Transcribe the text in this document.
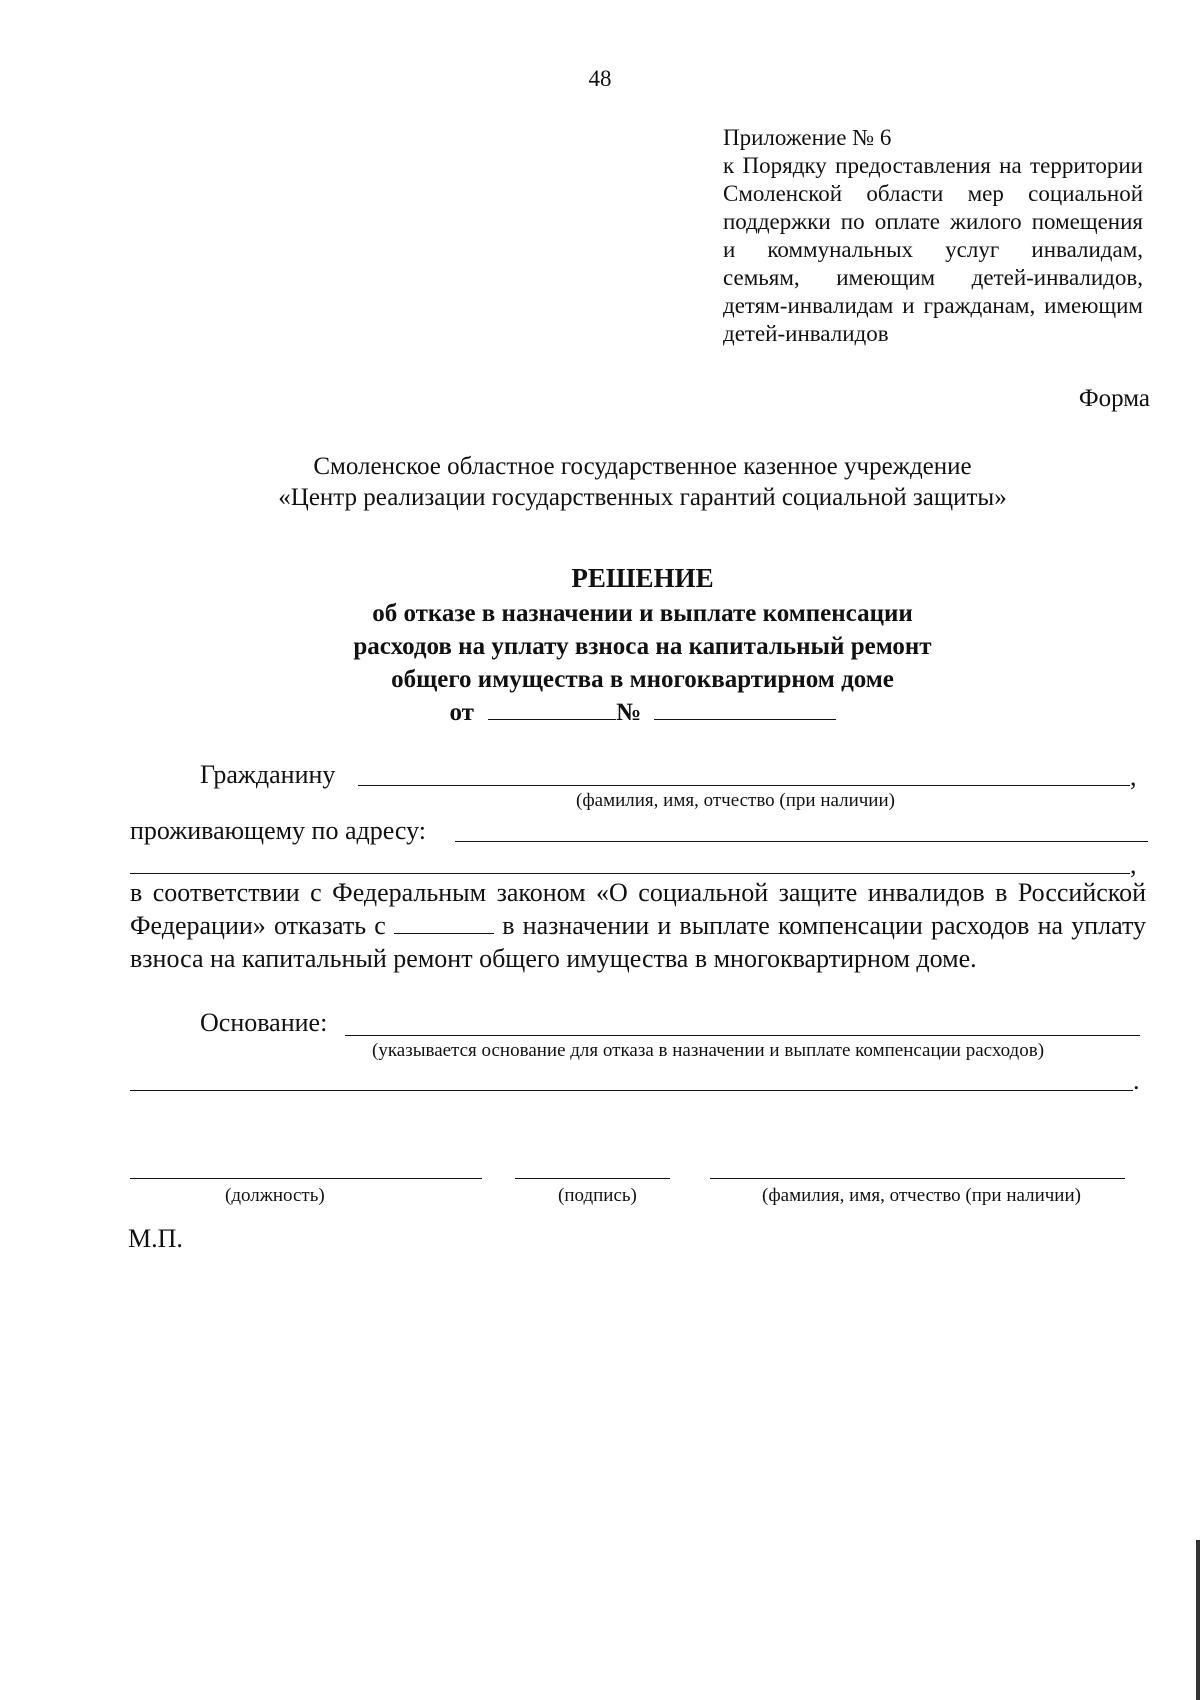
48
Приложение № 6
к Порядку предоставления на территории Смоленской области мер социальной поддержки по оплате жилого помещения и коммунальных услуг инвалидам, семьям, имеющим детей-инвалидов, детям-инвалидам и гражданам, имеющим детей-инвалидов
Форма
Смоленское областное государственное казенное учреждение
«Центр реализации государственных гарантий социальной защиты»
РЕШЕНИЕ
об отказе в назначении и выплате компенсации
расходов на уплату взноса на капитальный ремонт
общего имущества в многоквартирном доме
от	№
Гражданину	,
(фамилия, имя, отчество (при наличии)
проживающему по адресу:
,
в соответствии с Федеральным законом «О социальной защите инвалидов в Российской Федерации» отказать с	в назначении и выплате компенсации расходов на уплату взноса на капитальный ремонт общего имущества в многоквартирном доме.
Основание:
(указывается основание для отказа в назначении и выплате компенсации расходов)
.
(должность)	(подпись)	(фамилия, имя, отчество (при наличии)
М.П.
